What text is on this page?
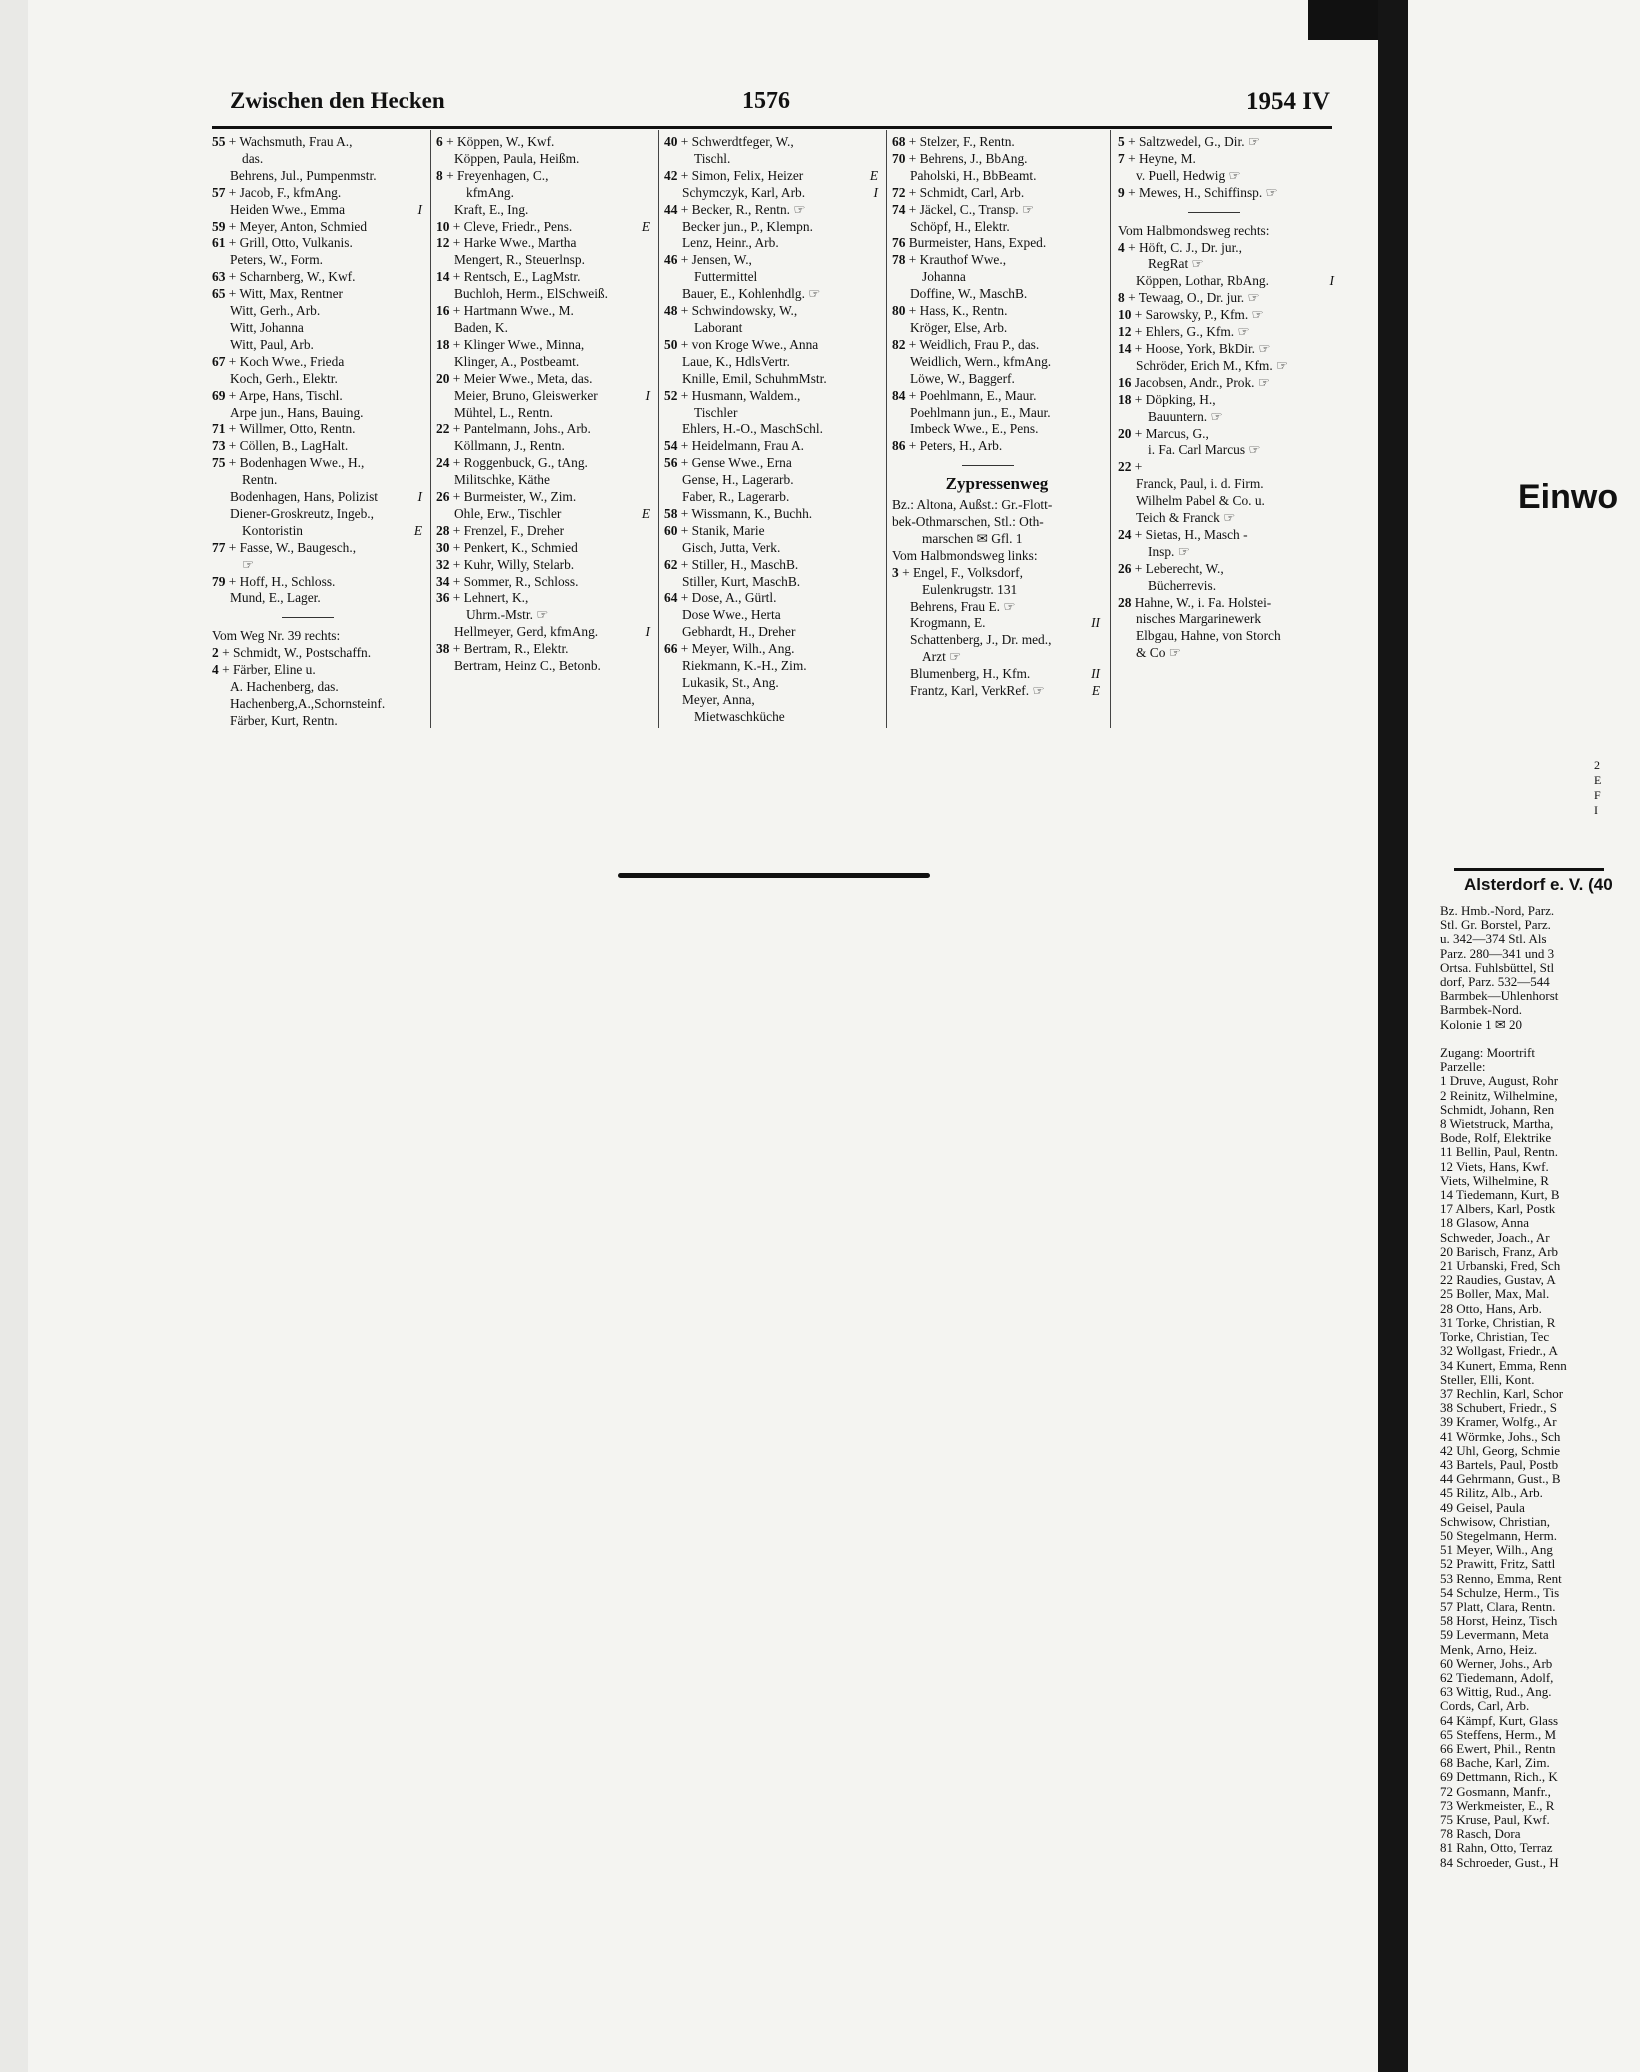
Zwischen den Hecken	1576	1954 IV
55 + Wachsmuth, Frau A.,
das.
Behrens, Jul., Pumpenmstr.
57 + Jacob, F., kfmAng.
I
Heiden Wwe., Emma
59 + Meyer, Anton, Schmied
61 + Grill, Otto, Vulkanis.
Peters, W., Form.
63 + Scharnberg, W., Kwf.
65 + Witt, Max, Rentner
Witt, Gerh., Arb.
Witt, Johanna
Witt, Paul, Arb.
67 + Koch Wwe., Frieda
Koch, Gerh., Elektr.
69 + Arpe, Hans, Tischl.
Arpe jun., Hans, Bauing.
71 + Willmer, Otto, Rentn.
73 + Cöllen, B., LagHalt.
75 + Bodenhagen Wwe., H.,
Rentn.
I
Bodenhagen, Hans, Polizist
Diener-Groskreutz, Ingeb.,
E
Kontoristin
77 + Fasse, W., Baugesch.,
☞
79 + Hoff, H., Schloss.
Mund, E., Lager.
Vom Weg Nr. 39 rechts:
2 + Schmidt, W., Postschaffn.
4 + Färber, Eline u.
A. Hachenberg, das.
Hachenberg,A.,Schornsteinf.
Färber, Kurt, Rentn.
6 + Köppen, W., Kwf.
Köppen, Paula, Heißm.
8 + Freyenhagen, C.,
kfmAng.
Kraft, E., Ing.
E
10 + Cleve, Friedr., Pens.
12 + Harke Wwe., Martha
Mengert, R., Steuerlnsp.
14 + Rentsch, E., LagMstr.
Buchloh, Herm., ElSchweiß.
16 + Hartmann Wwe., M.
Baden, K.
18 + Klinger Wwe., Minna,
Klinger, A., Postbeamt.
20 + Meier Wwe., Meta, das.
I
Meier, Bruno, Gleiswerker
Mühtel, L., Rentn.
22 + Pantelmann, Johs., Arb.
Köllmann, J., Rentn.
24 + Roggenbuck, G., tAng.
Militschke, Käthe
26 + Burmeister, W., Zim.
E
Ohle, Erw., Tischler
28 + Frenzel, F., Dreher
30 + Penkert, K., Schmied
32 + Kuhr, Willy, Stelarb.
34 + Sommer, R., Schloss.
36 + Lehnert, K.,
Uhrm.-Mstr. ☞
I
Hellmeyer, Gerd, kfmAng.
38 + Bertram, R., Elektr.
Bertram, Heinz C., Betonb.
40 + Schwerdtfeger, W.,
Tischl.
E
42 + Simon, Felix, Heizer
I
Schymczyk, Karl, Arb.
44 + Becker, R., Rentn. ☞
Becker jun., P., Klempn.
Lenz, Heinr., Arb.
46 + Jensen, W.,
Futtermittel
Bauer, E., Kohlenhdlg. ☞
48 + Schwindowsky, W.,
Laborant
50 + von Kroge Wwe., Anna
Laue, K., HdlsVertr.
Knille, Emil, SchuhmMstr.
52 + Husmann, Waldem.,
Tischler
Ehlers, H.-O., MaschSchl.
54 + Heidelmann, Frau A.
56 + Gense Wwe., Erna
Gense, H., Lagerarb.
Faber, R., Lagerarb.
58 + Wissmann, K., Buchh.
60 + Stanik, Marie
Gisch, Jutta, Verk.
62 + Stiller, H., MaschB.
Stiller, Kurt, MaschB.
64 + Dose, A., Gürtl.
Dose Wwe., Herta
Gebhardt, H., Dreher
66 + Meyer, Wilh., Ang.
Riekmann, K.-H., Zim.
Lukasik, St., Ang.
Meyer, Anna,
Mietwaschküche
68 + Stelzer, F., Rentn.
70 + Behrens, J., BbAng.
Paholski, H., BbBeamt.
72 + Schmidt, Carl, Arb.
74 + Jäckel, C., Transp. ☞
Schöpf, H., Elektr.
76 Burmeister, Hans, Exped.
78 + Krauthof Wwe.,
Johanna
Doffine, W., MaschB.
80 + Hass, K., Rentn.
Kröger, Else, Arb.
82 + Weidlich, Frau P., das.
Weidlich, Wern., kfmAng.
Löwe, W., Baggerf.
84 + Poehlmann, E., Maur.
Poehlmann jun., E., Maur.
Imbeck Wwe., E., Pens.
86 + Peters, H., Arb.
Zypressenweg
Bz.: Altona, Außst.: Gr.-Flott-
bek-Othmarschen, Stl.: Oth-
marschen ✉ Gfl. 1
Vom Halbmondsweg links:
3 + Engel, F., Volksdorf,
Eulenkrugstr. 131
Behrens, Frau E. ☞
II
Krogmann, E.
Schattenberg, J., Dr. med.,
Arzt ☞
II
Blumenberg, H., Kfm.
E
Frantz, Karl, VerkRef. ☞
5 + Saltzwedel, G., Dir. ☞
7 + Heyne, M.
v. Puell, Hedwig ☞
9 + Mewes, H., Schiffinsp. ☞
Vom Halbmondsweg rechts:
4 + Höft, C. J., Dr. jur.,
RegRat ☞
I
Köppen, Lothar, RbAng.
8 + Tewaag, O., Dr. jur. ☞
10 + Sarowsky, P., Kfm. ☞
12 + Ehlers, G., Kfm. ☞
14 + Hoose, York, BkDir. ☞
Schröder, Erich M., Kfm. ☞
16 Jacobsen, Andr., Prok. ☞
18 + Döpking, H.,
Bauuntern. ☞
20 + Marcus, G.,
i. Fa. Carl Marcus ☞
22 +
Franck, Paul, i. d. Firm.
Wilhelm Pabel & Co. u.
Teich & Franck ☞
24 + Sietas, H., Masch -
Insp. ☞
26 + Leberecht, W.,
Bücherrevis.
28 Hahne, W., i. Fa. Holstei-
nisches Margarinewerk
Elbgau, Hahne, von Storch
& Co ☞
Einwo
2
E
F
I
Alsterdorf e. V. (40
Bz. Hmb.-Nord, Parz.
Stl. Gr. Borstel, Parz.
u. 342—374 Stl. Als
Parz. 280—341 und 3
Ortsa. Fuhlsbüttel, Stl
dorf, Parz. 532—544
Barmbek—Uhlenhorst
Barmbek-Nord.
Kolonie 1 ✉ 20

Zugang: Moortrift
Parzelle:
1 Druve, August, Rohr
2 Reinitz, Wilhelmine,
Schmidt, Johann, Ren
8 Wietstruck, Martha,
Bode, Rolf, Elektrike
11 Bellin, Paul, Rentn.
12 Viets, Hans, Kwf.
Viets, Wilhelmine, R
14 Tiedemann, Kurt, B
17 Albers, Karl, Postk
18 Glasow, Anna
Schweder, Joach., Ar
20 Barisch, Franz, Arb
21 Urbanski, Fred, Sch
22 Raudies, Gustav, A
25 Boller, Max, Mal.
28 Otto, Hans, Arb.
31 Torke, Christian, R
Torke, Christian, Tec
32 Wollgast, Friedr., A
34 Kunert, Emma, Renn
Steller, Elli, Kont.
37 Rechlin, Karl, Schor
38 Schubert, Friedr., S
39 Kramer, Wolfg., Ar
41 Wörmke, Johs., Sch
42 Uhl, Georg, Schmie
43 Bartels, Paul, Postb
44 Gehrmann, Gust., B
45 Rilitz, Alb., Arb.
49 Geisel, Paula
Schwisow, Christian,
50 Stegelmann, Herm.
51 Meyer, Wilh., Ang
52 Prawitt, Fritz, Sattl
53 Renno, Emma, Rent
54 Schulze, Herm., Tis
57 Platt, Clara, Rentn.
58 Horst, Heinz, Tisch
59 Levermann, Meta
Menk, Arno, Heiz.
60 Werner, Johs., Arb
62 Tiedemann, Adolf,
63 Wittig, Rud., Ang.
Cords, Carl, Arb.
64 Kämpf, Kurt, Glass
65 Steffens, Herm., M
66 Ewert, Phil., Rentn
68 Bache, Karl, Zim.
69 Dettmann, Rich., K
72 Gosmann, Manfr.,
73 Werkmeister, E., R
75 Kruse, Paul, Kwf.
78 Rasch, Dora
81 Rahn, Otto, Terraz
84 Schroeder, Gust., H
